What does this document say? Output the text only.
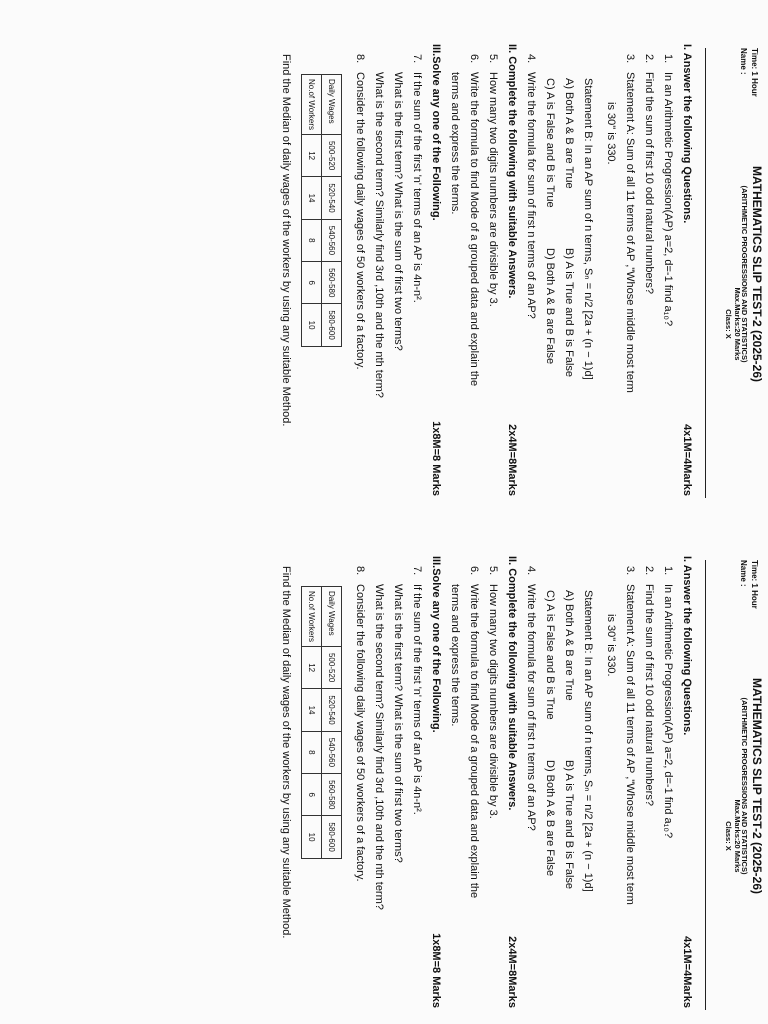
Time: 1 Hour
Name :
MATHEMATICS SLIP TEST-2 (2025-26)
(ARITHMETIC PROGRESSIONS AND STATISTICS)
Max.Marks:20 Marks
Class: X
I. Answer the following Questions.
4x1M=4Marks
1.In an Arithmetic Progression(AP) a=2, d=-1 find a₁₀?
2.Find the sum of first 10 odd natural numbers?
3.Statement A: Sum of all 11 terms of AP ,"Whose middle most term
is 30" is 330.
Statement B: In an AP sum of n terms, Sₙ = n/2 [2a + (n − 1)d]
A) Both A & B are True
B) A is True and B is False
C) A is False and B is True
D) Both A & B are False
4.Write the formula for sum of first n terms of an AP?
II. Complete the following with suitable Answers.
2x4M=8Marks
5.How many two digits numbers are divisible by 3.
6.Write the formula to find Mode of a grouped data and explain the
terms and express the terms.
III.Solve any one of the Following.
1x8M=8 Marks
7.If the sum of the first 'n' terms of an AP is 4n-n².
What is the first term? What is the sum of first two terms?
What is the second term? Similarly find 3rd ,10th and the nth term?
8.Consider the following daily wages of 50 workers of a factory.
Daily Wages	500-520	520-540	540-560	560-580	580-600
No.of Workers	12	14	8	6	10
Find the Median of daily wages of the workers by using any suitable Method.
Time: 1 Hour
Name :
MATHEMATICS SLIP TEST-2 (2025-26)
(ARITHMETIC PROGRESSIONS AND STATISTICS)
Max.Marks:20 Marks
Class: X
I. Answer the following Questions.
4x1M=4Marks
1.In an Arithmetic Progression(AP) a=2, d=-1 find a₁₀?
2.Find the sum of first 10 odd natural numbers?
3.Statement A: Sum of all 11 terms of AP ,"Whose middle most term
is 30" is 330.
Statement B: In an AP sum of n terms, Sₙ = n/2 [2a + (n − 1)d]
A) Both A & B are True
B) A is True and B is False
C) A is False and B is True
D) Both A & B are False
4.Write the formula for sum of first n terms of an AP?
II. Complete the following with suitable Answers.
2x4M=8Marks
5.How many two digits numbers are divisible by 3.
6.Write the formula to find Mode of a grouped data and explain the
terms and express the terms.
III.Solve any one of the Following.
1x8M=8 Marks
7.If the sum of the first 'n' terms of an AP is 4n-n².
What is the first term? What is the sum of first two terms?
What is the second term? Similarly find 3rd ,10th and the nth term?
8.Consider the following daily wages of 50 workers of a factory.
Daily Wages	500-520	520-540	540-560	560-580	580-600
No.of Workers	12	14	8	6	10
Find the Median of daily wages of the workers by using any suitable Method.
